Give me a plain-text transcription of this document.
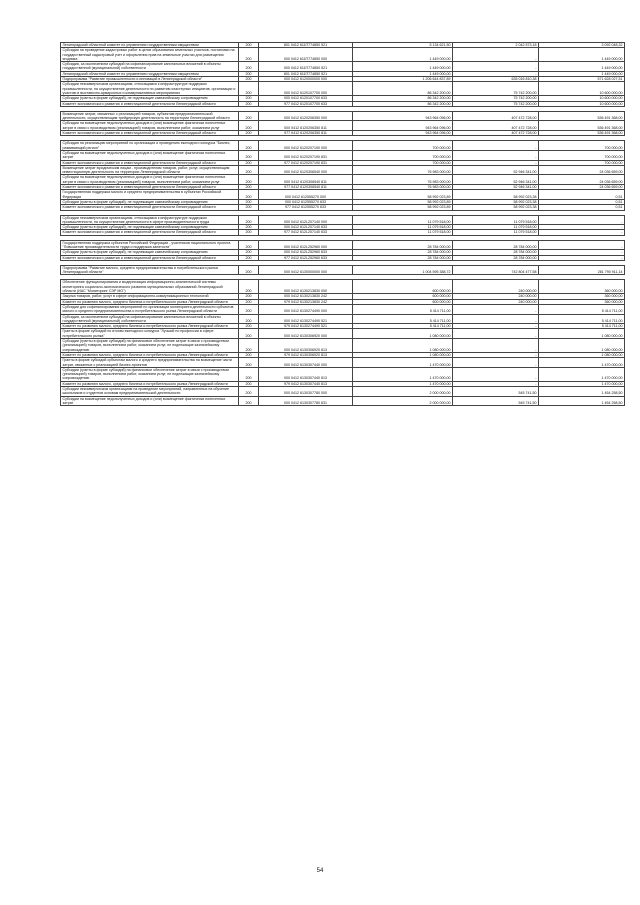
Ленинградский областной комитет по управлению государственным имуществом	200	801 0412 611П774850 521	5 134 621,50	2 042 573,18	3 092 048,32
Субсидия на проведение кадастровых работ в целях образования земельных участков, постановки на государственный кадастровый учет и оформления прав на земельные участки для размещения ягодника	200	000 0412 611П774850 000	1 449 000,00	-	1 449 000,00
Субсидия, за исключением субсидий на софинансирование капитальных вложений в объекты государственной (муниципальной) собственности	200	000 0412 611П774850 521	1 449 000,00	-	1 449 000,00
Ленинградский областной комитет по управлению государственным имуществом	200	801 0412 611П774850 521	1 449 000,00	-	1 449 000,00
Подпрограмма "Развитие промышленности и инноваций в Ленинградской области"	200	000 0412 6120000000 000	1 206 644 837,89	635 016 810,38	571 628 027,51
Субсидии некоммерческим организациям, относящимся к инфраструктуре поддержки промышленности, на осуществление деятельности по развитию кластерных инициатив, организации и участию в выставочно-ярмарочных и коммуникативных мероприятиях	200	000 0412 6120107700 000	86 342 200,00	75 742 200,00	10 600 000,00
Субсидии (гранты в форме субсидий), не подлежащие казначейскому сопровождению	200	000 0412 6120107700 633	86 342 200,00	75 742 200,00	10 600 000,00
Комитет экономического развития и инвестиционной деятельности Ленинградской области	200	977 0412 6120107700 633	86 342 200,00	75 742 200,00	10 600 000,00

Возмещение затрат, связанных с реализацией товаров, субъектам предпринимательской деятельности, осуществляющим трейдерскую деятельность на территории Ленинградской области	200	000 0412 6120206350 000	943 964 096,00	407 472 728,00	536 491 368,00
Субсидии на возмещение недополученных доходов и (или) возмещение фактически понесенных затрат в связи с производством (реализацией) товаров, выполнением работ, оказанием услуг	200	000 0412 6120206350 811	943 964 096,00	407 472 728,00	536 491 368,00
Комитет экономического развития и инвестиционной деятельности Ленинградской области	200	977 0412 6120206350 811	943 964 096,00	407 472 728,00	536 491 368,00

Субсидия на реализацию мероприятий по организации и проведению ежегодного конкурса "Бизнес, развивающий регион"	200	000 0412 6120207190 000	700 000,00	-	700 000,00
Субсидии на возмещение недополученных доходов и (или) возмещение фактически понесенных затрат	200	000 0412 6120207190 831	700 000,00	-	700 000,00
Комитет экономического развития и инвестиционной деятельности Ленинградской области	200	977 0412 6120207190 831	700 000,00	-	700 000,00
Возмещение затрат юридическим лицам - производителям товаров, работ, услуг, осуществляющим инвестиционную деятельность на территории Ленинградской области	200	000 0412 6120306540 000	76 983 000,00	52 946 341,00	24 036 659,00
Субсидии на возмещение недополученных доходов и (или) возмещение фактически понесенных затрат в связи с производством (реализацией) товаров, выполнением работ, оказанием услуг	200	000 0412 6120306540 811	76 983 000,00	52 946 341,00	24 036 659,00
Комитет экономического развития и инвестиционной деятельности Ленинградской области	200	977 0412 6120306540 811	76 983 000,00	52 946 341,00	24 036 659,00
Государственная поддержка малого и среднего предпринимательства в субъектах Российской Федерации	200	000 0412 612555270 000	58 992 023,89	58 992 023,38	0,51
Субсидии (гранты в форме субсидий), не подлежащие казначейскому сопровождению	200	000 0412 612555270 633	58 992 023,89	58 992 023,38	0,51
Комитет экономического развития и инвестиционной деятельности Ленинградской области	200	977 0412 612555270 633	58 992 023,89	58 992 023,38	0,51

Субсидии некоммерческим организациям, относящимся к инфраструктуре поддержки промышленности, на осуществление деятельности в сфере производительности труда	200	000 0412 612L207140 000	11 079 518,00	11 079 518,00	-
Субсидии (гранты в форме субсидий), не подлежащие казначейскому сопровождению	200	000 0412 612L207140 633	11 079 518,00	11 079 518,00	-
Комитет экономического развития и инвестиционной деятельности Ленинградской области	200	977 0412 612L207140 633	11 079 518,00	11 079 518,00	-

Государственная поддержка субъектов Российской Федерации - участников национального проекта "Повышение производительности труда и поддержка занятости"	200	000 0412 612L252960 000	28 784 000,00	28 784 000,00	-
Субсидии (гранты в форме субсидий), не подлежащие казначейскому сопровождению	200	000 0412 612L252960 633	28 784 000,00	28 784 000,00	-
Комитет экономического развития и инвестиционной деятельности Ленинградской области	200	977 0412 612L252960 633	28 784 000,00	28 784 000,00	-

Подпрограмма "Развитие малого, среднего предпринимательства и потребительского рынка Ленинградской области"	200	000 0412 6130000000 000	1 004 595 388,72	742 804 477,58	261 790 911,14

Обеспечение функционирования и модернизация информационно-аналитической системы мониторинга социально-экономического развития муниципальных образований Ленинградской области (ИАС "Мониторинг СЭР МО")	200	000 0412 6130213830 000	600 000,00	240 000,00	360 000,00
Закупка товаров, работ, услуг в сфере информационно-коммуникационных технологий	200	000 0412 6130213830 242	600 000,00	240 000,00	360 000,00
Комитет по развитию малого, среднего бизнеса и потребительского рынка Ленинградской области	200	979 0412 6130213830 242	600 000,00	240 000,00	360 000,00
Субсидии для софинансирования мероприятий по организации мониторинга деятельности субъектов малого и среднего предпринимательства и потребительского рынка Ленинградской области	200	000 0412 6130274490 000	5 414 711,00	-	5 414 711,00
Субсидия, за исключением субсидий на софинансирование капитальных вложений в объекты государственной (муниципальной) собственности	200	000 0412 6130274490 521	5 414 711,00	-	5 414 711,00
Комитет по развитию малого, среднего бизнеса и потребительского рынка Ленинградской области	200	979 0412 6130274490 521	5 414 711,00	-	5 414 711,00
Гранты в форме субсидий по итогам ежегодного конкурса "Лучший по профессии в сфере потребительского рынка"	200	000 0412 6130306920 000	1 080 000,00	-	1 080 000,00
Субсидии (гранты в форме субсидий) на финансовое обеспечение затрат в связи с производством (реализацией) товаров, выполнением работ, оказанием услуг, не подлежащие казначейскому сопровождению	200	000 0412 6130306920 813	1 080 000,00	-	1 080 000,00
Комитет по развитию малого, среднего бизнеса и потребительского рынка Ленинградской области	200	979 0412 6130306920 813	1 080 000,00	-	1 080 000,00
Гранты в форме субсидий субъектам малого и среднего предпринимательства на возмещение части затрат, связанных с реализацией бизнес-проектов	200	000 0412 6130307440 000	1 470 000,00	-	1 470 000,00
Субсидии (гранты в форме субсидий) на финансовое обеспечение затрат в связи с производством (реализацией) товаров, выполнением работ, оказанием услуг, не подлежащие казначейскому сопровождению	200	000 0412 6130307440 813	1 470 000,00	-	1 470 000,00
Комитет по развитию малого, среднего бизнеса и потребительского рынка Ленинградской области	200	979 0412 6130307440 813	1 470 000,00	-	1 470 000,00
Субсидии некоммерческим организациям на проведение мероприятий, направленных на обучение школьников и студентов основам предпринимательской деятельности	200	000 0412 6130307780 000	2 000 000,00	545 741,50	1 454 258,50
Субсидии на возмещение недополученных доходов и (или) возмещение фактически понесенных затрат	200	000 0412 6130307780 631	2 000 000,00	545 741,50	1 454 258,50
54
